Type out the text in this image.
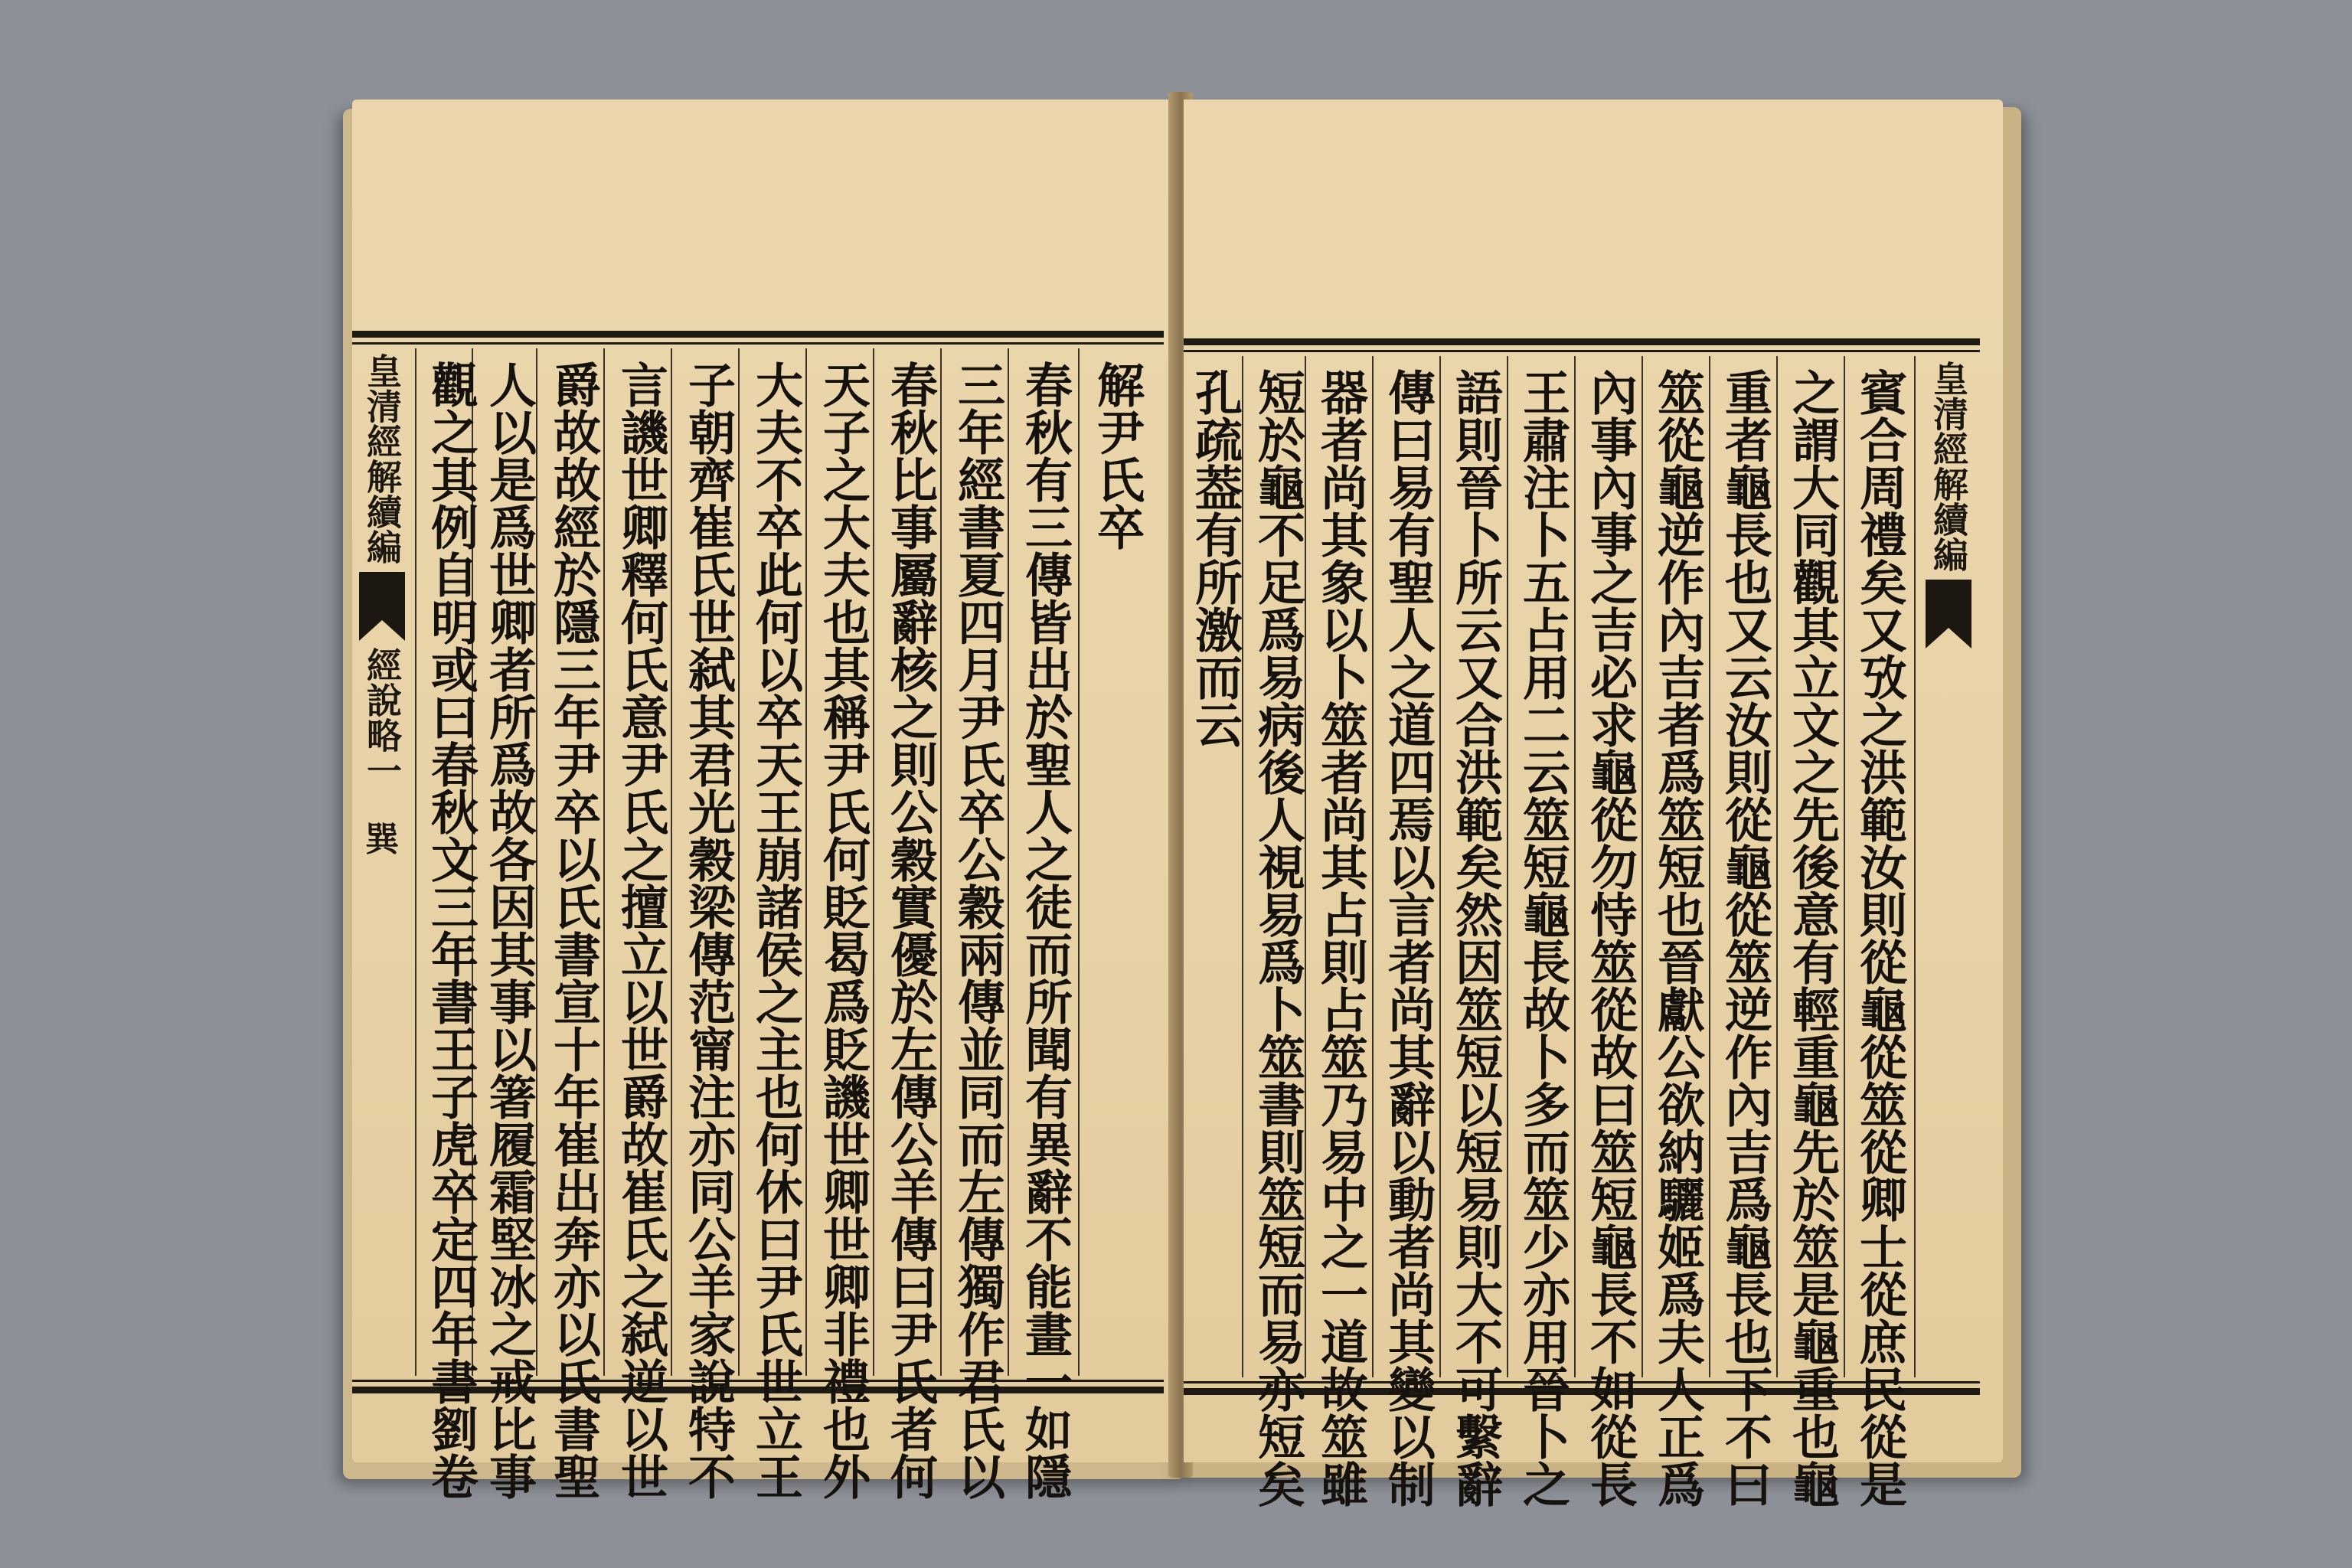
皇清經解續編
經說略一
巽
解尹氏卒
春秋有三傳皆出於聖人之徒而所聞有異辭不能畫一如隱
三年經書夏四月尹氏卒公穀兩傳並同而左傳獨作君氏以
春秋比事屬辭核之則公穀實優於左傳公羊傳曰尹氏者何
天子之大夫也其稱尹氏何貶曷爲貶譏世卿世卿非禮也外
大夫不卒此何以卒天王崩諸侯之主也何休曰尹氏世立王
子朝齊崔氏世弑其君光穀梁傳范甯注亦同公羊家說特不
言譏世卿釋何氏意尹氏之擅立以世爵故崔氏之弑逆以世
爵故故經於隱三年尹卒以氏書宣十年崔出奔亦以氏書聖
人以是爲世卿者所爲故各因其事以箸履霜堅冰之戒比事
觀之其例自明或曰春秋文三年書王子虎卒定四年書劉卷	皇清經解續編
賓合周禮矣又攷之洪範汝則從龜從筮從卿士從庶民從是
之謂大同觀其立文之先後意有輕重龜先於筮是龜重也龜
重者龜長也又云汝則從龜從筮逆作內吉爲龜長也下不曰
筮從龜逆作內吉者爲筮短也晉獻公欲納驪姬爲夫人正爲
內事內事之吉必求龜從勿恃筮從故曰筮短龜長不如從長
王肅注卜五占用二云筮短龜長故卜多而筮少亦用晉卜之
語則晉卜所云又合洪範矣然因筮短以短易則大不可繫辭
傳曰易有聖人之道四焉以言者尚其辭以動者尚其變以制
器者尚其象以卜筮者尚其占則占筮乃易中之一道故筮雖
短於龜不足爲易病後人視易爲卜筮書則筮短而易亦短矣
孔疏葢有所激而云
